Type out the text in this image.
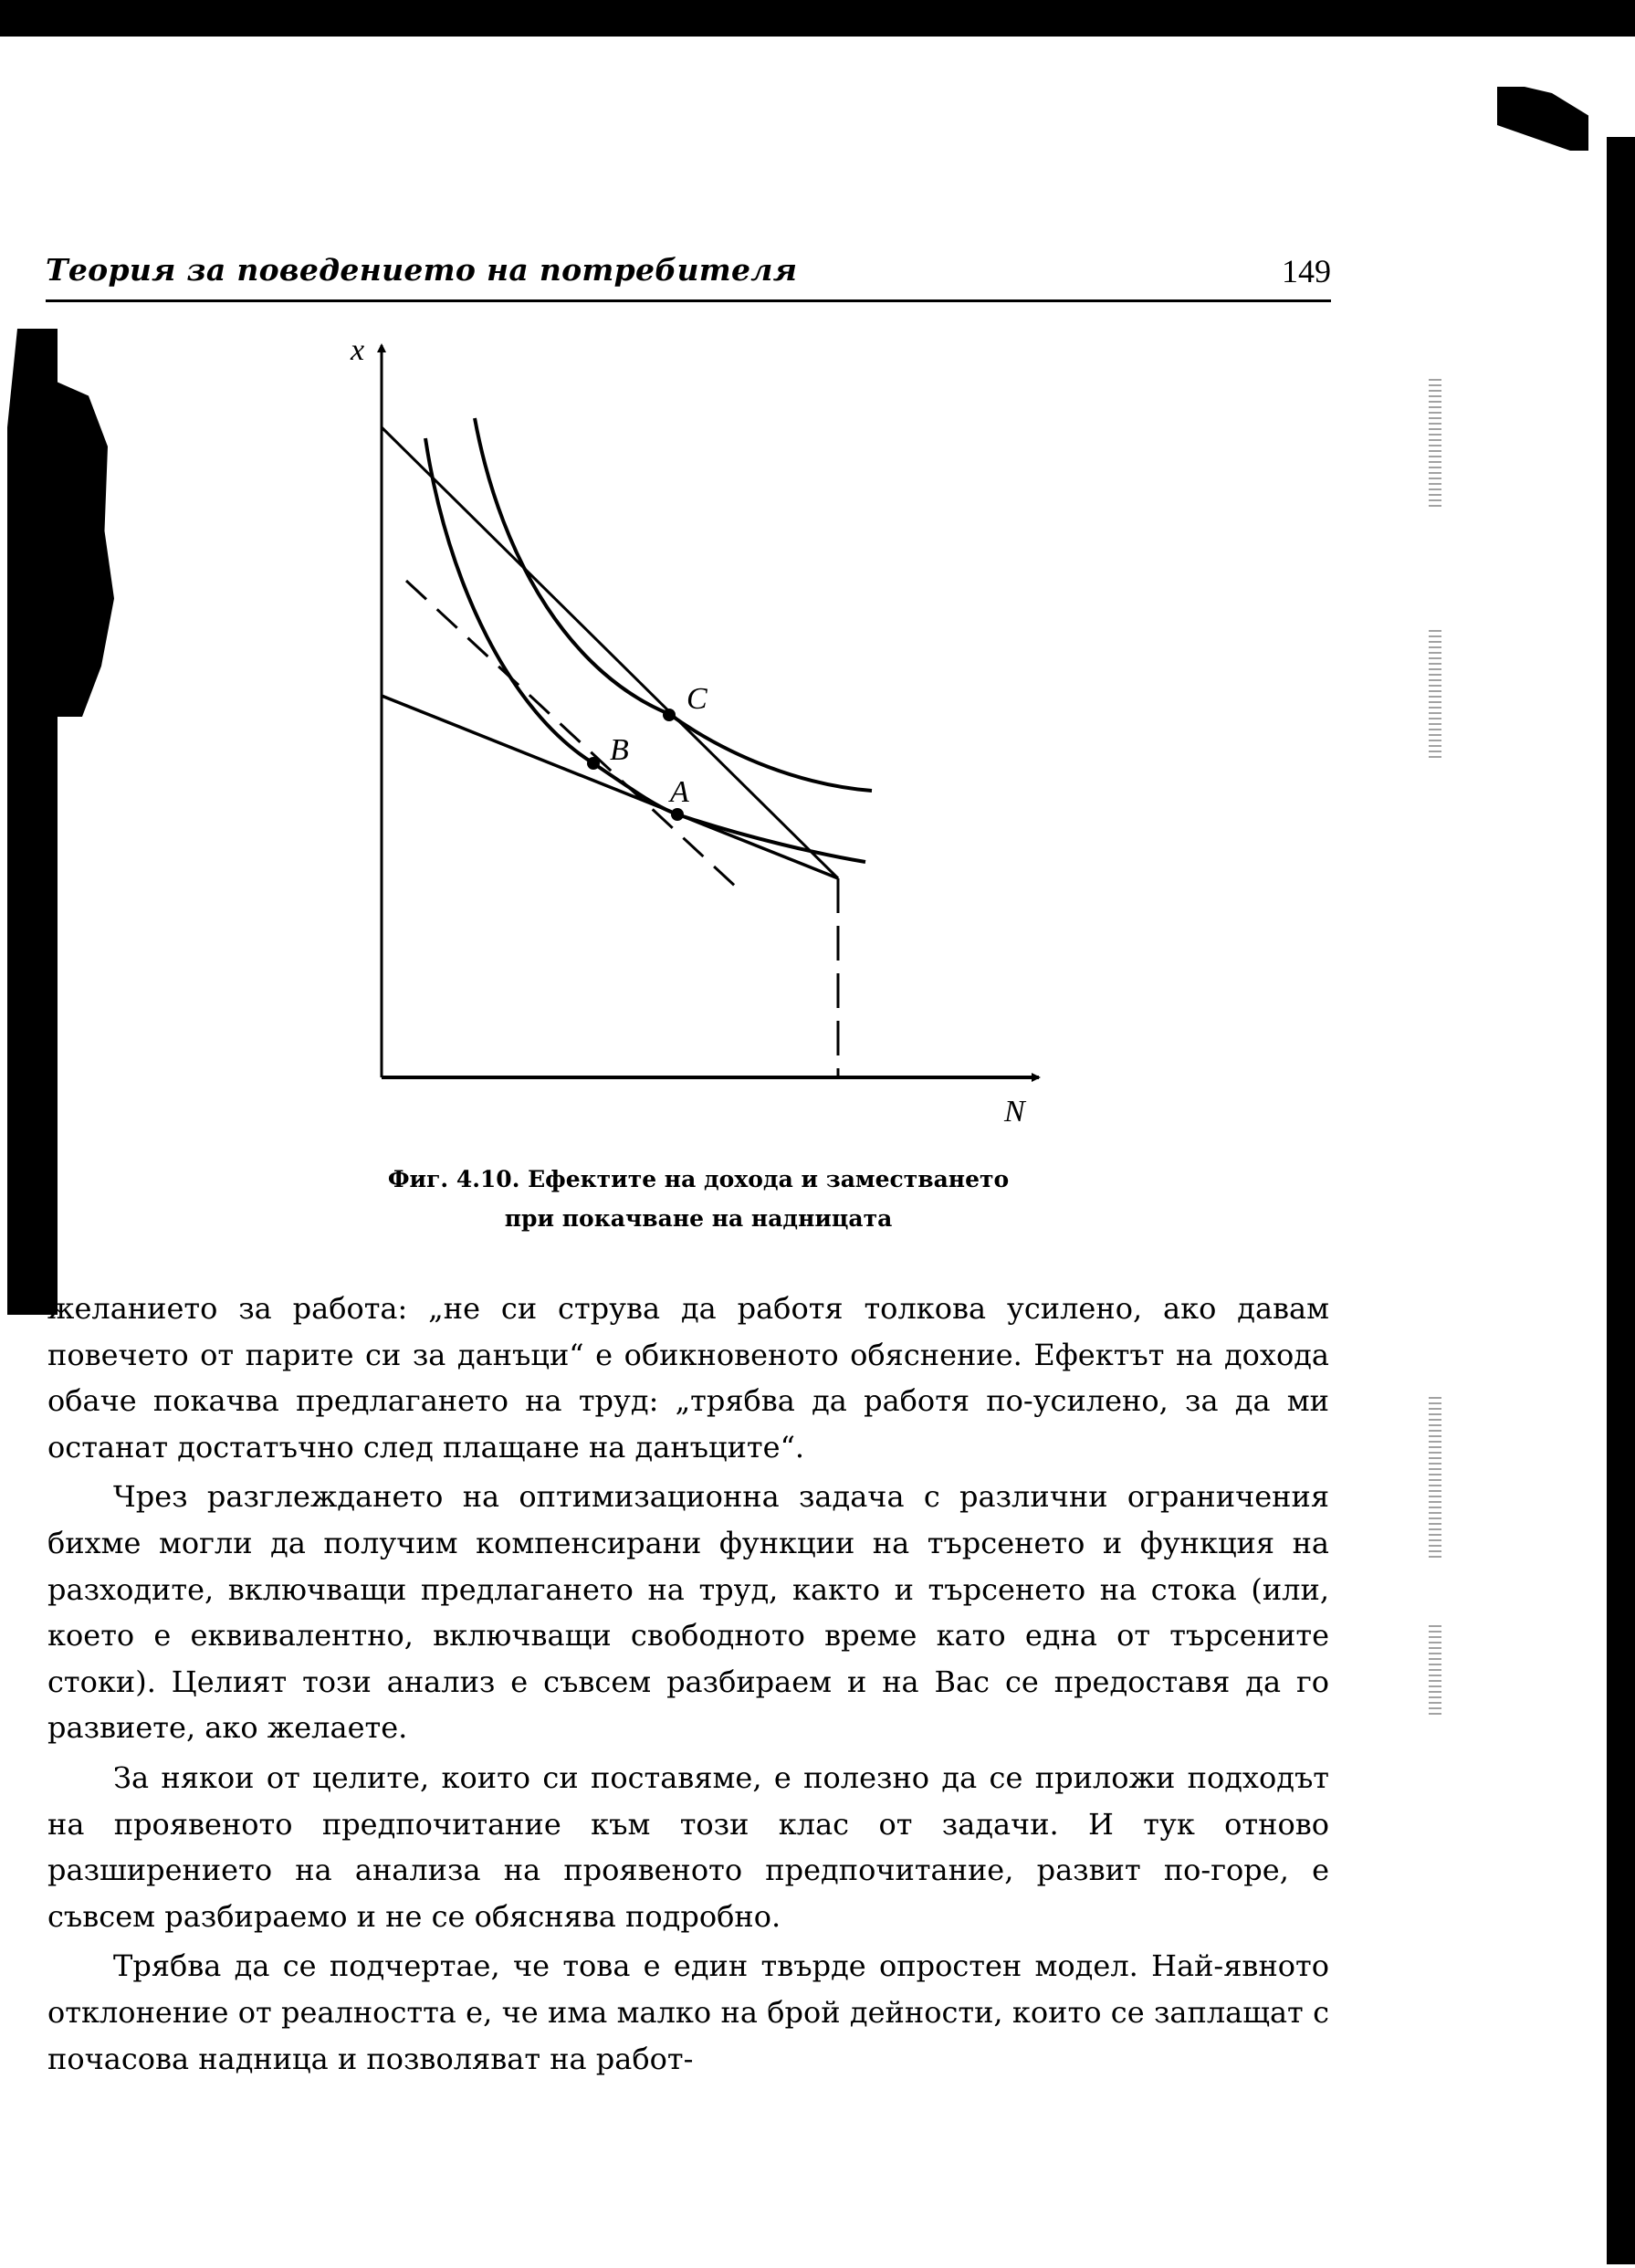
Теория за поведението на потребителя	149
x
N
C
B
A
Фиг. 4.10. Ефектите на дохода и заместването
при покачване на надницата

желанието за работа: „не си струва да работя толкова усилено, ако давам повечето от парите си за данъци“ е обикновеното обяснение. Ефектът на дохода обаче покачва предлагането на труд: „трябва да работя по-усилено, за да ми останат достатъчно след плащане на данъците“.

Чрез разглеждането на оптимизационна задача с различни ограничения бихме могли да получим компенсирани функции на търсенето и функция на разходите, включващи предлагането на труд, както и търсенето на стока (или, което е еквивалентно, включващи свободното време като една от търсените стоки). Целият този анализ е съвсем разбираем и на Вас се предоставя да го развиете, ако желаете.

За някои от целите, които си поставяме, е полезно да се приложи подходът на проявеното предпочитание към този клас от задачи. И тук отново разширението на анализа на проявеното предпочитание, развит по-горе, е съвсем разбираемо и не се обяснява подробно.

Трябва да се подчертае, че това е един твърде опростен модел. Най-явното отклонение от реалността е, че има малко на брой дейности, които се заплащат с почасова надница и позволяват на работ-
